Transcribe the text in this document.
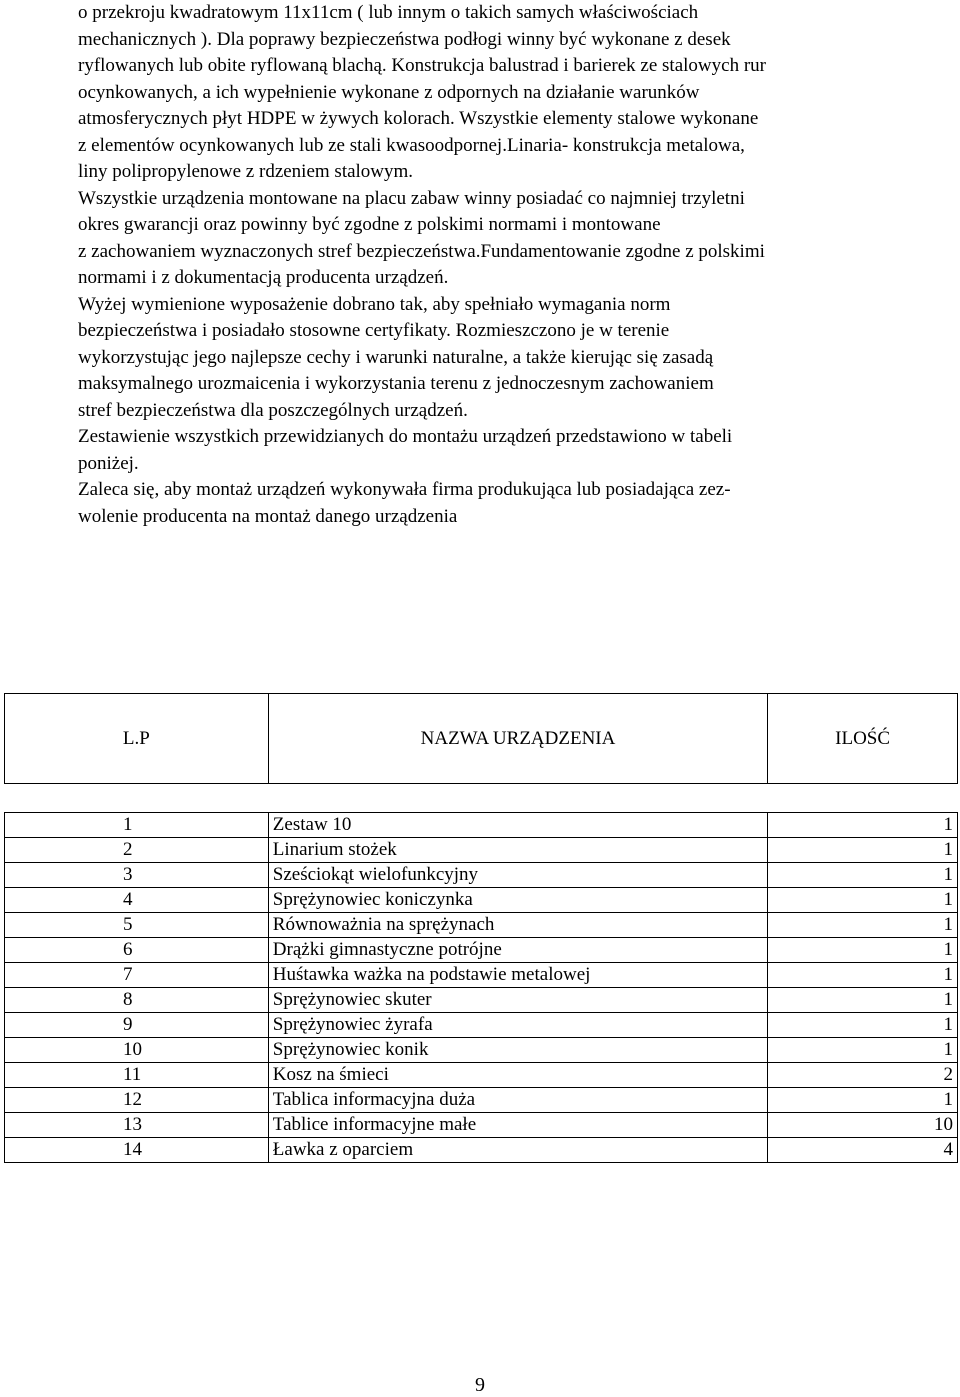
o przekroju kwadratowym 11x11cm ( lub innym o takich samych właściwościach
mechanicznych ). Dla poprawy bezpieczeństwa podłogi winny być wykonane z desek
ryflowanych lub obite ryflowaną blachą. Konstrukcja balustrad i barierek ze stalowych rur
ocynkowanych, a ich wypełnienie wykonane z odpornych na działanie warunków
atmosferycznych płyt HDPE w żywych kolorach. Wszystkie elementy stalowe wykonane
z elementów ocynkowanych lub ze stali kwasoodpornej.Linaria- konstrukcja metalowa,
liny polipropylenowe z rdzeniem stalowym.
Wszystkie urządzenia montowane na placu zabaw winny posiadać co najmniej trzyletni
okres gwarancji oraz powinny być zgodne z polskimi normami i montowane
z zachowaniem wyznaczonych stref bezpieczeństwa.Fundamentowanie zgodne z polskimi
normami i z dokumentacją producenta urządzeń.
Wyżej wymienione wyposażenie dobrano tak, aby spełniało wymagania norm
bezpieczeństwa i posiadało stosowne certyfikaty. Rozmieszczono je w terenie
wykorzystując jego najlepsze cechy i warunki naturalne, a także kierując się zasadą
maksymalnego urozmaicenia i wykorzystania terenu z jednoczesnym zachowaniem
stref bezpieczeństwa dla poszczególnych urządzeń.
Zestawienie wszystkich przewidzianych do montażu urządzeń przedstawiono w tabeli
poniżej.
Zaleca się, aby montaż urządzeń wykonywała firma produkująca lub posiadająca zez-
wolenie producenta na montaż danego urządzenia
L.P	NAZWA URZĄDZENIA	ILOŚĆ

1	Zestaw 10	1
2	Linarium stożek	1
3	Sześciokąt wielofunkcyjny	1
4	Sprężynowiec koniczynka	1
5	Równoważnia na sprężynach	1
6	Drążki gimnastyczne potrójne	1
7	Huśtawka ważka na podstawie metalowej	1
8	Sprężynowiec skuter	1
9	Sprężynowiec żyrafa	1
10	Sprężynowiec konik	1
11	Kosz na śmieci	2
12	Tablica informacyjna duża	1
13	Tablice informacyjne małe	10
14	Ławka z oparciem	4
9
